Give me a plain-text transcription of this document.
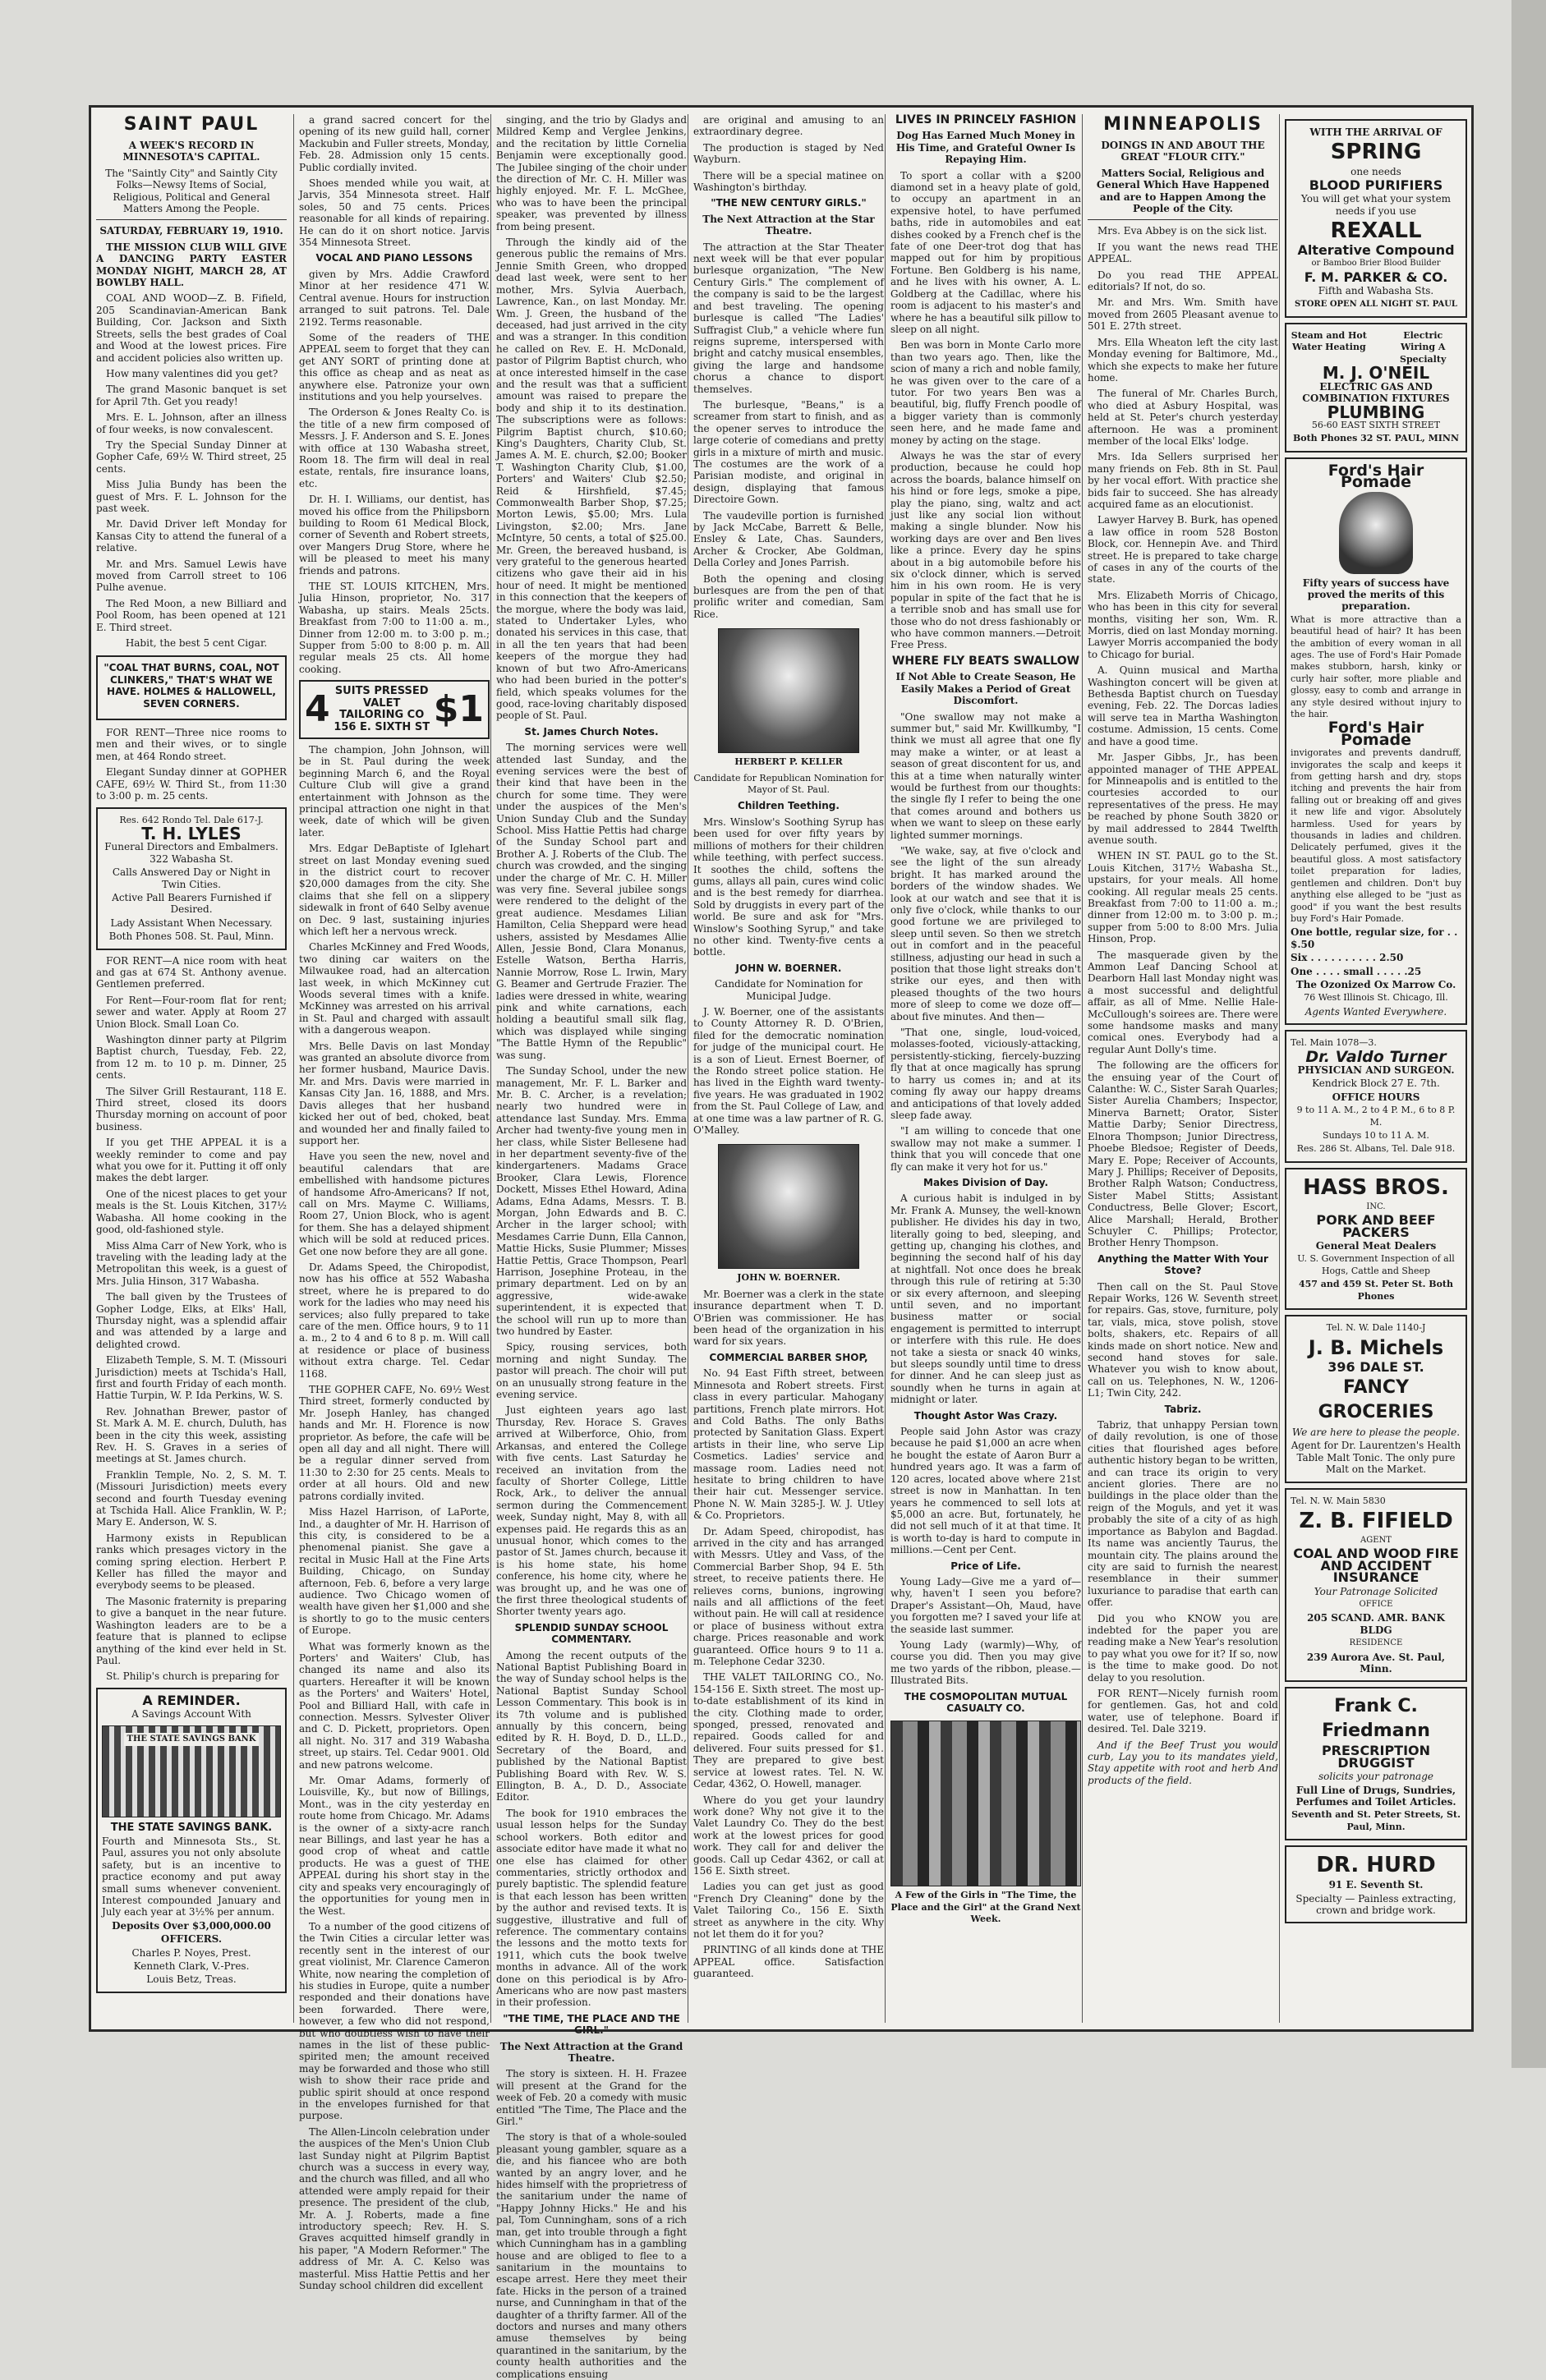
SAINT PAUL

A WEEK'S RECORD IN MINNESOTA'S CAPITAL.

The "Saintly City" and Saintly City Folks—Newsy Items of Social, Religious, Political and General Matters Among the People.

SATURDAY, FEBRUARY 19, 1910.

THE MISSION CLUB WILL GIVE A DANCING PARTY EASTER MONDAY NIGHT, MARCH 28, AT BOWLBY HALL.

COAL AND WOOD—Z. B. Fifield, 205 Scandinavian-American Bank Building, Cor. Jackson and Sixth Streets, sells the best grades of Coal and Wood at the lowest prices. Fire and accident policies also written up.

How many valentines did you get?

The grand Masonic banquet is set for April 7th. Get you ready!

Mrs. E. L. Johnson, after an illness of four weeks, is now convalescent.

Try the Special Sunday Dinner at Gopher Cafe, 69½ W. Third street, 25 cents.

Miss Julia Bundy has been the guest of Mrs. F. L. Johnson for the past week.

Mr. David Driver left Monday for Kansas City to attend the funeral of a relative.

Mr. and Mrs. Samuel Lewis have moved from Carroll street to 106 Pulhe avenue.

The Red Moon, a new Billiard and Pool Room, has been opened at 121 E. Third street.

Habit, the best 5 cent Cigar.

"COAL THAT BURNS, COAL, NOT CLINKERS," THAT'S WHAT WE HAVE. HOLMES & HALLOWELL, SEVEN CORNERS.

FOR RENT—Three nice rooms to men and their wives, or to single men, at 464 Rondo street.

Elegant Sunday dinner at GOPHER CAFE, 69½ W. Third St., from 11:30 to 3:00 p. m. 25 cents.

Res. 642 Rondo Tel. Dale 617-J.

T. H. LYLES

Funeral Directors and Embalmers. 322 Wabasha St.

Calls Answered Day or Night in Twin Cities.

Active Pall Bearers Furnished if Desired.

Lady Assistant When Necessary.

Both Phones 508. St. Paul, Minn.

FOR RENT—A nice room with heat and gas at 674 St. Anthony avenue. Gentlemen preferred.

For Rent—Four-room flat for rent; sewer and water. Apply at Room 27 Union Block. Small Loan Co.

Washington dinner party at Pilgrim Baptist church, Tuesday, Feb. 22, from 12 m. to 10 p. m. Dinner, 25 cents.

The Silver Grill Restaurant, 118 E. Third street, closed its doors Thursday morning on account of poor business.

If you get THE APPEAL it is a weekly reminder to come and pay what you owe for it. Putting it off only makes the debt larger.

One of the nicest places to get your meals is the St. Louis Kitchen, 317½ Wabasha. All home cooking in the good, old-fashioned style.

Miss Alma Carr of New York, who is traveling with the leading lady at the Metropolitan this week, is a guest of Mrs. Julia Hinson, 317 Wabasha.

The ball given by the Trustees of Gopher Lodge, Elks, at Elks' Hall, Thursday night, was a splendid affair and was attended by a large and delighted crowd.

Elizabeth Temple, S. M. T. (Missouri Jurisdiction) meets at Tschida's Hall, first and fourth Friday of each month. Hattie Turpin, W. P. Ida Perkins, W. S.

Rev. Johnathan Brewer, pastor of St. Mark A. M. E. church, Duluth, has been in the city this week, assisting Rev. H. S. Graves in a series of meetings at St. James church.

Franklin Temple, No. 2, S. M. T. (Missouri Jurisdiction) meets every second and fourth Tuesday evening at Tschida Hall. Alice Franklin, W. P.; Mary E. Anderson, W. S.

Harmony exists in Republican ranks which presages victory in the coming spring election. Herbert P. Keller has filled the mayor and everybody seems to be pleased.

The Masonic fraternity is preparing to give a banquet in the near future. Washington leaders are to be a feature that is planned to eclipse anything of the kind ever held in St. Paul.

St. Philip's church is preparing for

A REMINDER.

A Savings Account With

THE STATE SAVINGS BANK

THE STATE SAVINGS BANK.

Fourth and Minnesota Sts., St. Paul, assures you not only absolute safety, but is an incentive to practice economy and put away small sums whenever convenient. Interest compounded January and July each year at 3½% per annum.

Deposits Over $3,000,000.00

OFFICERS.

Charles P. Noyes, Prest.

Kenneth Clark, V.-Pres.

Louis Betz, Treas.

a grand sacred concert for the opening of its new guild hall, corner Mackubin and Fuller streets, Monday, Feb. 28. Admission only 15 cents. Public cordially invited.

Shoes mended while you wait, at Jarvis, 354 Minnesota street. Half soles, 50 and 75 cents. Prices reasonable for all kinds of repairing. He can do it on short notice. Jarvis 354 Minnesota Street.

VOCAL AND PIANO LESSONS

given by Mrs. Addie Crawford Minor at her residence 471 W. Central avenue. Hours for instruction arranged to suit patrons. Tel. Dale 2192. Terms reasonable.

Some of the readers of THE APPEAL seem to forget that they can get ANY SORT of printing done at this office as cheap and as neat as anywhere else. Patronize your own institutions and you help yourselves.

The Orderson & Jones Realty Co. is the title of a new firm composed of Messrs. J. F. Anderson and S. E. Jones with office at 130 Wabasha street, Room 18. The firm will deal in real estate, rentals, fire insurance loans, etc.

Dr. H. I. Williams, our dentist, has moved his office from the Philipsborn building to Room 61 Medical Block, corner of Seventh and Robert streets, over Mangers Drug Store, where he will be pleased to meet his many friends and patrons.

THE ST. LOUIS KITCHEN, Mrs. Julia Hinson, proprietor, No. 317 Wabasha, up stairs. Meals 25cts. Breakfast from 7:00 to 11:00 a. m., Dinner from 12:00 m. to 3:00 p. m.; Supper from 5:00 to 8:00 p. m. All regular meals 25 cts. All home cooking.

4 SUITS PRESSED
VALET TAILORING CO
156 E. SIXTH ST $1

The champion, John Johnson, will be in St. Paul during the week beginning March 6, and the Royal Culture Club will give a grand entertainment with Johnson as the principal attraction one night in that week, date of which will be given later.

Mrs. Edgar DeBaptiste of Iglehart street on last Monday evening sued in the district court to recover $20,000 damages from the city. She claims that she fell on a slippery sidewalk in front of 640 Selby avenue on Dec. 9 last, sustaining injuries which left her a nervous wreck.

Charles McKinney and Fred Woods, two dining car waiters on the Milwaukee road, had an altercation last week, in which McKinney cut Woods several times with a knife. McKinney was arrested on his arrival in St. Paul and charged with assault with a dangerous weapon.

Mrs. Belle Davis on last Monday was granted an absolute divorce from her former husband, Maurice Davis. Mr. and Mrs. Davis were married in Kansas City Jan. 16, 1888, and Mrs. Davis alleges that her husband kicked her out of bed, choked, beat and wounded her and finally failed to support her.

Have you seen the new, novel and beautiful calendars that are embellished with handsome pictures of handsome Afro-Americans? If not, call on Mrs. Mayme C. Williams, Room 27, Union Block, who is agent for them. She has a delayed shipment which will be sold at reduced prices. Get one now before they are all gone.

Dr. Adams Speed, the Chiropodist, now has his office at 552 Wabasha street, where he is prepared to do work for the ladies who may need his services; also fully prepared to take care of the men. Office hours, 9 to 11 a. m., 2 to 4 and 6 to 8 p. m. Will call at residence or place of business without extra charge. Tel. Cedar 1168.

THE GOPHER CAFE, No. 69½ West Third street, formerly conducted by Mr. Joseph Hanley, has changed hands and Mr. H. Florence is now proprietor. As before, the cafe will be open all day and all night. There will be a regular dinner served from 11:30 to 2:30 for 25 cents. Meals to order at all hours. Old and new patrons cordially invited.

Miss Hazel Harrison, of LaPorte, Ind., a daughter of Mr. H. Harrison of this city, is considered to be a phenomenal pianist. She gave a recital in Music Hall at the Fine Arts Building, Chicago, on Sunday afternoon, Feb. 6, before a very large audience. Two Chicago women of wealth have given her $1,000 and she is shortly to go to the music centers of Europe.

What was formerly known as the Porters' and Waiters' Club, has changed its name and also its quarters. Hereafter it will be known as the Porters' and Waiters' Hotel, Pool and Billiard Hall, with cafe in connection. Messrs. Sylvester Oliver and C. D. Pickett, proprietors. Open all night. No. 317 and 319 Wabasha street, up stairs. Tel. Cedar 9001. Old and new patrons welcome.

Mr. Omar Adams, formerly of Louisville, Ky., but now of Billings, Mont., was in the city yesterday en route home from Chicago. Mr. Adams is the owner of a sixty-acre ranch near Billings, and last year he has a good crop of wheat and cattle products. He was a guest of THE APPEAL during his short stay in the city and speaks very encouragingly of the opportunities for young men in the West.

To a number of the good citizens of the Twin Cities a circular letter was recently sent in the interest of our great violinist, Mr. Clarence Cameron White, now nearing the completion of his studies in Europe, quite a number responded and their donations have been forwarded. There were, however, a few who did not respond, but who doubtless wish to have their names in the list of these public-spirited men; the amount received may be forwarded and those who still wish to show their race pride and public spirit should at once respond in the envelopes furnished for that purpose.

The Allen-Lincoln celebration under the auspices of the Men's Union Club last Sunday night at Pilgrim Baptist church was a success in every way, and the church was filled, and all who attended were amply repaid for their presence. The president of the club, Mr. A. J. Roberts, made a fine introductory speech; Rev. H. S. Graves acquitted himself grandly in his paper, "A Modern Reformer." The address of Mr. A. C. Kelso was masterful. Miss Hattie Pettis and her Sunday school children did excellent

singing, and the trio by Gladys and Mildred Kemp and Verglee Jenkins, and the recitation by little Cornelia Benjamin were exceptionally good. The Jubilee singing of the choir under the direction of Mr. C. H. Miller was highly enjoyed. Mr. F. L. McGhee, who was to have been the principal speaker, was prevented by illness from being present.

Through the kindly aid of the generous public the remains of Mrs. Jennie Smith Green, who dropped dead last week, were sent to her mother, Mrs. Sylvia Auerbach, Lawrence, Kan., on last Monday. Mr. Wm. J. Green, the husband of the deceased, had just arrived in the city and was a stranger. In this condition he called on Rev. E. H. McDonald, pastor of Pilgrim Baptist church, who at once interested himself in the case and the result was that a sufficient amount was raised to prepare the body and ship it to its destination. The subscriptions were as follows: Pilgrim Baptist church, $10.60; King's Daughters, Charity Club, St. James A. M. E. church, $2.00; Booker T. Washington Charity Club, $1.00, Porters' and Waiters' Club $2.50; Reid & Hirshfield, $7.45; Commonwealth Barber Shop, $7.25; Morton Lewis, $5.00; Mrs. Lula Livingston, $2.00; Mrs. Jane McIntyre, 50 cents, a total of $25.00. Mr. Green, the bereaved husband, is very grateful to the generous hearted citizens who gave their aid in his hour of need. It might be mentioned in this connection that the keepers of the morgue, where the body was laid, stated to Undertaker Lyles, who donated his services in this case, that in all the ten years that had been keepers of the morgue they had known of but two Afro-Americans who had been buried in the potter's field, which speaks volumes for the good, race-loving charitably disposed people of St. Paul.

St. James Church Notes.

The morning services were well attended last Sunday, and the evening services were the best of their kind that have been in the church for some time. They were under the auspices of the Men's Union Sunday Club and the Sunday School. Miss Hattie Pettis had charge of the Sunday School part and Brother A. J. Roberts of the Club. The church was crowded, and the singing under the charge of Mr. C. H. Miller was very fine. Several jubilee songs were rendered to the delight of the great audience. Mesdames Lilian Hamilton, Celia Sheppard were head ushers, assisted by Mesdames Allie Allen, Jessie Bond, Clara Monanus, Estelle Watson, Bertha Harris, Nannie Morrow, Rose L. Irwin, Mary G. Beamer and Gertrude Frazier. The ladies were dressed in white, wearing pink and white carnations, each holding a beautiful small silk flag, which was displayed while singing "The Battle Hymn of the Republic" was sung.

The Sunday School, under the new management, Mr. F. L. Barker and Mr. B. C. Archer, is a revelation; nearly two hundred were in attendance last Sunday. Mrs. Emma Archer had twenty-five young men in her class, while Sister Bellesene had in her department seventy-five of the kindergarteners. Madams Grace Brooker, Clara Lewis, Florence Dockett, Misses Ethel Howard, Adina Adams, Edna Adams, Messrs. T. B. Morgan, John Edwards and B. C. Archer in the larger school; with Mesdames Carrie Dunn, Ella Cannon, Mattie Hicks, Susie Plummer; Misses Hattie Pettis, Grace Thompson, Pearl Harrison, Josephine Proteau, in the primary department. Led on by an aggressive, wide-awake superintendent, it is expected that the school will run up to more than two hundred by Easter.

Spicy, rousing services, both morning and night Sunday. The pastor will preach. The choir will put on an unusually strong feature in the evening service.

Just eighteen years ago last Thursday, Rev. Horace S. Graves arrived at Wilberforce, Ohio, from Arkansas, and entered the College with five cents. Last Saturday he received an invitation from the faculty of Shorter College, Little Rock, Ark., to deliver the annual sermon during the Commencement week, Sunday night, May 8, with all expenses paid. He regards this as an unusual honor, which comes to the pastor of St. James church, because it is his home state, his home conference, his home city, where he was brought up, and he was one of the first three theological students of Shorter twenty years ago.

SPLENDID SUNDAY SCHOOL COMMENTARY.

Among the recent outputs of the National Baptist Publishing Board in the way of Sunday school helps is the National Baptist Sunday School Lesson Commentary. This book is in its 7th volume and is published annually by this concern, being edited by R. H. Boyd, D. D., LL.D., Secretary of the Board, and published by the National Baptist Publishing Board with Rev. W. S. Ellington, B. A., D. D., Associate Editor.

The book for 1910 embraces the usual lesson helps for the Sunday school workers. Both editor and associate editor have made it what no one else has claimed for other commentaries, strictly orthodox and purely baptistic. The splendid feature is that each lesson has been written by the author and revised texts. It is suggestive, illustrative and full of reference. The commentary contains the lessons and the motto texts for 1911, which cuts the book twelve months in advance. All of the work done on this periodical is by Afro-Americans who are now past masters in their profession.

"THE TIME, THE PLACE AND THE GIRL."

The Next Attraction at the Grand Theatre.

The story is sixteen. H. H. Frazee will present at the Grand for the week of Feb. 20 a comedy with music entitled "The Time, The Place and the Girl."

The story is that of a whole-souled pleasant young gambler, square as a die, and his fiancee who are both wanted by an angry lover, and he hides himself with the proprietress of the sanitarium under the name of "Happy Johnny Hicks." He and his pal, Tom Cunningham, sons of a rich man, get into trouble through a fight which Cunningham has in a gambling house and are obliged to flee to a sanitarium in the mountains to escape arrest. Here they meet their fate. Hicks in the person of a trained nurse, and Cunningham in that of the daughter of a thrifty farmer. All of the doctors and nurses and many others amuse themselves by being quarantined in the sanitarium, by the county health authorities and the complications ensuing

are original and amusing to an extraordinary degree.

The production is staged by Ned Wayburn.

There will be a special matinee on Washington's birthday.

"THE NEW CENTURY GIRLS."

The Next Attraction at the Star Theatre.

The attraction at the Star Theater next week will be that ever popular burlesque organization, "The New Century Girls." The complement of the company is said to be the largest and best traveling. The opening burlesque is called "The Ladies' Suffragist Club," a vehicle where fun reigns supreme, interspersed with bright and catchy musical ensembles, giving the large and handsome chorus a chance to disport themselves.

The burlesque, "Beans," is a screamer from start to finish, and as the opener serves to introduce the large coterie of comedians and pretty girls in a mixture of mirth and music. The costumes are the work of a Parisian modiste, and original in design, displaying that famous Directoire Gown.

The vaudeville portion is furnished by Jack McCabe, Barrett & Belle, Ensley & Late, Chas. Saunders, Archer & Crocker, Abe Goldman, Della Corley and Jones Parrish.

Both the opening and closing burlesques are from the pen of that prolific writer and comedian, Sam Rice.

HERBERT P. KELLER

Candidate for Republican Nomination for Mayor of St. Paul.

Children Teething.

Mrs. Winslow's Soothing Syrup has been used for over fifty years by millions of mothers for their children while teething, with perfect success. It soothes the child, softens the gums, allays all pain, cures wind colic and is the best remedy for diarrhea. Sold by druggists in every part of the world. Be sure and ask for "Mrs. Winslow's Soothing Syrup," and take no other kind. Twenty-five cents a bottle.

JOHN W. BOERNER.

Candidate for Nomination for Municipal Judge.

J. W. Boerner, one of the assistants to County Attorney R. D. O'Brien, filed for the democratic nomination for judge of the municipal court. He is a son of Lieut. Ernest Boerner, of the Rondo street police station. He has lived in the Eighth ward twenty-five years. He was graduated in 1902 from the St. Paul College of Law, and at one time was a law partner of R. G. O'Malley.

JOHN W. BOERNER.

Mr. Boerner was a clerk in the state insurance department when T. D. O'Brien was commissioner. He has been head of the organization in his ward for six years.

COMMERCIAL BARBER SHOP,

No. 94 East Fifth street, between Minnesota and Robert streets. First class in every particular. Mahogany partitions, French plate mirrors. Hot and Cold Baths. The only Baths protected by Sanitation Glass. Expert artists in their line, who serve Lip Cosmetics. Ladies' service and massage room. Ladies need not hesitate to bring children to have their hair cut. Messenger service. Phone N. W. Main 3285-J. W. J. Utley & Co. Proprietors.

Dr. Adam Speed, chiropodist, has arrived in the city and has arranged with Messrs. Utley and Vass, of the Commercial Barber Shop, 94 E. 5th street, to receive patients there. He relieves corns, bunions, ingrowing nails and all afflictions of the feet without pain. He will call at residence or place of business without extra charge. Prices reasonable and work guaranteed. Office hours 9 to 11 a. m. Telephone Cedar 3230.

THE VALET TAILORING CO., No. 154-156 E. Sixth street. The most up-to-date establishment of its kind in the city. Clothing made to order, sponged, pressed, renovated and repaired. Goods called for and delivered. Four suits pressed for $1. They are prepared to give best service at lowest rates. Tel. N. W. Cedar, 4362, O. Howell, manager.

Where do you get your laundry work done? Why not give it to the Valet Laundry Co. They do the best work at the lowest prices for good work. They call for and deliver the goods. Call up Cedar 4362, or call at 156 E. Sixth street.

Ladies you can get just as good "French Dry Cleaning" done by the Valet Tailoring Co., 156 E. Sixth street as anywhere in the city. Why not let them do it for you?

PRINTING of all kinds done at THE APPEAL office. Satisfaction guaranteed.

LIVES IN PRINCELY FASHION

Dog Has Earned Much Money in His Time, and Grateful Owner Is Repaying Him.

To sport a collar with a $200 diamond set in a heavy plate of gold, to occupy an apartment in an expensive hotel, to have perfumed baths, ride in automobiles and eat dishes cooked by a French chef is the fate of one Deer-trot dog that has mapped out for him by propitious Fortune. Ben Goldberg is his name, and he lives with his owner, A. L. Goldberg at the Cadillac, where his room is adjacent to his master's and where he has a beautiful silk pillow to sleep on all night.

Ben was born in Monte Carlo more than two years ago. Then, like the scion of many a rich and noble family, he was given over to the care of a tutor. For two years Ben was a beautiful, big, fluffy French poodle of a bigger variety than is commonly seen here, and he made fame and money by acting on the stage.

Always he was the star of every production, because he could hop across the boards, balance himself on his hind or fore legs, smoke a pipe, play the piano, sing, waltz and act just like any social lion without making a single blunder. Now his working days are over and Ben lives like a prince. Every day he spins about in a big automobile before his six o'clock dinner, which is served him in his own room. He is very popular in spite of the fact that he is a terrible snob and has small use for those who do not dress fashionably or who have common manners.—Detroit Free Press.

WHERE FLY BEATS SWALLOW

If Not Able to Create Season, He Easily Makes a Period of Great Discomfort.

"One swallow may not make a summer but," said Mr. Kwillkumby, "I think we must all agree that one fly may make a winter, or at least a season of great discontent for us, and this at a time when naturally winter would be furthest from our thoughts: the single fly I refer to being the one that comes around and bothers us when we want to sleep on these early lighted summer mornings.

"We wake, say, at five o'clock and see the light of the sun already bright. It has marked around the borders of the window shades. We look at our watch and see that it is only five o'clock, while thanks to our good fortune we are privileged to sleep until seven. So then we stretch out in comfort and in the peaceful stillness, adjusting our head in such a position that those light streaks don't strike our eyes, and then with pleased thoughts of the two hours more of sleep to come we doze off—about five minutes. And then—

"That one, single, loud-voiced, molasses-footed, viciously-attacking, persistently-sticking, fiercely-buzzing fly that at once magically has sprung to harry us comes in; and at its coming fly away our happy dreams and anticipations of that lovely added sleep fade away.

"I am willing to concede that one swallow may not make a summer. I think that you will concede that one fly can make it very hot for us."

Makes Division of Day.

A curious habit is indulged in by Mr. Frank A. Munsey, the well-known publisher. He divides his day in two, literally going to bed, sleeping, and getting up, changing his clothes, and beginning the second half of his day at nightfall. Not once does he break through this rule of retiring at 5:30 or six every afternoon, and sleeping until seven, and no important business matter or social engagement is permitted to interrupt or interfere with this rule. He does not take a siesta or snack 40 winks, but sleeps soundly until time to dress for dinner. And he can sleep just as soundly when he turns in again at midnight or later.

Thought Astor Was Crazy.

People said John Astor was crazy because he paid $1,000 an acre when he bought the estate of Aaron Burr a hundred years ago. It was a farm of 120 acres, located above where 21st street is now in Manhattan. In ten years he commenced to sell lots at $5,000 an acre. But, fortunately, he did not sell much of it at that time. It is worth to-day is hard to compute in millions.—Cent per Cent.

Price of Life.

Young Lady—Give me a yard of—why, haven't I seen you before? Draper's Assistant—Oh, Maud, have you forgotten me? I saved your life at the seaside last summer.

Young Lady (warmly)—Why, of course you did. Then you may give me two yards of the ribbon, please.—Illustrated Bits.

THE COSMOPOLITAN MUTUAL CASUALTY CO.

A Few of the Girls in "The Time, the Place and the Girl" at the Grand Next Week.

MINNEAPOLIS

DOINGS IN AND ABOUT THE GREAT "FLOUR CITY."

Matters Social, Religious and General Which Have Happened and are to Happen Among the People of the City.

Mrs. Eva Abbey is on the sick list.

If you want the news read THE APPEAL.

Do you read THE APPEAL editorials? If not, do so.

Mr. and Mrs. Wm. Smith have moved from 2605 Pleasant avenue to 501 E. 27th street.

Mrs. Ella Wheaton left the city last Monday evening for Baltimore, Md., which she expects to make her future home.

The funeral of Mr. Charles Burch, who died at Asbury Hospital, was held at St. Peter's church yesterday afternoon. He was a prominent member of the local Elks' lodge.

Mrs. Ida Sellers surprised her many friends on Feb. 8th in St. Paul by her vocal effort. With practice she bids fair to succeed. She has already acquired fame as an elocutionist.

Lawyer Harvey B. Burk, has opened a law office in room 528 Boston Block, cor. Hennepin Ave. and Third street. He is prepared to take charge of cases in any of the courts of the state.

Mrs. Elizabeth Morris of Chicago, who has been in this city for several months, visiting her son, Wm. R. Morris, died on last Monday morning. Lawyer Morris accompanied the body to Chicago for burial.

A. Quinn musical and Martha Washington concert will be given at Bethesda Baptist church on Tuesday evening, Feb. 22. The Dorcas ladies will serve tea in Martha Washington costume. Admission, 15 cents. Come and have a good time.

Mr. Jasper Gibbs, Jr., has been appointed manager of THE APPEAL for Minneapolis and is entitled to the courtesies accorded to our representatives of the press. He may be reached by phone South 3820 or by mail addressed to 2844 Twelfth avenue south.

WHEN IN ST. PAUL go to the St. Louis Kitchen, 317½ Wabasha St., upstairs, for your meals. All home cooking. All regular meals 25 cents. Breakfast from 7:00 to 11:00 a. m.; dinner from 12:00 m. to 3:00 p. m.; supper from 5:00 to 8:00 Mrs. Julia Hinson, Prop.

The masquerade given by the Ammon Leaf Dancing School at Dearborn Hall last Monday night was a most successful and delightful affair, as all of Mme. Nellie Hale-McCullough's soirees are. There were some handsome masks and many comical ones. Everybody had a regular Aunt Dolly's time.

The following are the officers for the ensuing year of the Court of Calanthe: W. C., Sister Sarah Quarles; Sister Aurelia Chambers; Inspector, Minerva Barnett; Orator, Sister Mattie Darby; Senior Directress, Elnora Thompson; Junior Directress, Phoebe Bledsoe; Register of Deeds, Mary E. Pope; Receiver of Accounts, Mary J. Phillips; Receiver of Deposits, Brother Ralph Watson; Conductress, Sister Mabel Stitts; Assistant Conductress, Belle Glover; Escort, Alice Marshall; Herald, Brother Schuyler C. Phillips; Protector, Brother Henry Thompson.

Anything the Matter With Your Stove?

Then call on the St. Paul Stove Repair Works, 126 W. Seventh street for repairs. Gas, stove, furniture, poly tar, vials, mica, stove polish, stove bolts, shakers, etc. Repairs of all kinds made on short notice. New and second hand stoves for sale. Whatever you wish to know about, call on us. Telephones, N. W., 1206-L1; Twin City, 242.

Tabriz.

Tabriz, that unhappy Persian town of daily revolution, is one of those cities that flourished ages before authentic history began to be written, and can trace its origin to very ancient glories. There are no buildings in the place older than the reign of the Moguls, and yet it was probably the site of a city of as high importance as Babylon and Bagdad. Its name was anciently Taurus, the mountain city. The plains around the city are said to furnish the nearest resemblance in their summer luxuriance to paradise that earth can offer.

Did you who KNOW you are indebted for the paper you are reading make a New Year's resolution to pay what you owe for it? If so, now is the time to make good. Do not delay to you resolution.

FOR RENT—Nicely furnish room for gentlemen. Gas, hot and cold water, use of telephone. Board if desired. Tel. Dale 3219.

And if the Beef Trust you would curb, Lay you to its mandates yield, Stay appetite with root and herb And products of the field.

WITH THE ARRIVAL OF

SPRING

one needs

BLOOD PURIFIERS

You will get what your system needs if you use

REXALL

Alterative Compound

or Bamboo Brier Blood Builder

F. M. PARKER & CO.

Fifth and Wabasha Sts.

STORE OPEN ALL NIGHT ST. PAUL

Steam and Hot Water Heating
Electric Wiring A Specialty

M. J. O'NEIL

ELECTRIC GAS AND COMBINATION FIXTURES

PLUMBING

56-60 EAST SIXTH STREET

Both Phones 32 ST. PAUL, MINN

Ford's Hair Pomade

Fifty years of success have proved the merits of this preparation.

What is more attractive than a beautiful head of hair? It has been the ambition of every woman in all ages. The use of Ford's Hair Pomade makes stubborn, harsh, kinky or curly hair softer, more pliable and glossy, easy to comb and arrange in any style desired without injury to the hair.

Ford's Hair Pomade

invigorates and prevents dandruff, invigorates the scalp and keeps it from getting harsh and dry, stops itching and prevents the hair from falling out or breaking off and gives it new life and vigor. Absolutely harmless. Used for years by thousands in ladies and children. Delicately perfumed, gives it the beautiful gloss. A most satisfactory toilet preparation for ladies, gentlemen and children. Don't buy anything else alleged to be "just as good" if you want the best results buy Ford's Hair Pomade.

One bottle, regular size, for . . $.50

Six . . . . . . . . . . 2.50

One . . . . small . . . . .25

The Ozonized Ox Marrow Co.

76 West Illinois St. Chicago, Ill.

Agents Wanted Everywhere.

Tel. Main 1078—3.

Dr. Valdo Turner

PHYSICIAN AND SURGEON.

Kendrick Block 27 E. 7th.

OFFICE HOURS

9 to 11 A. M., 2 to 4 P. M., 6 to 8 P. M.

Sundays 10 to 11 A. M.

Res. 286 St. Albans, Tel. Dale 918.

HASS BROS.

INC.

PORK AND BEEF PACKERS

General Meat Dealers

U. S. Government Inspection of all Hogs, Cattle and Sheep

457 and 459 St. Peter St. Both Phones

Tel. N. W. Dale 1140-J

J. B. Michels

396 DALE ST.

FANCY GROCERIES

We are here to please the people.

Agent for Dr. Laurentzen's Health Table Malt Tonic. The only pure Malt on the Market.

Tel. N. W. Main 5830

Z. B. FIFIELD

AGENT

COAL AND WOOD FIRE AND ACCIDENT INSURANCE

Your Patronage Solicited

OFFICE

205 SCAND. AMR. BANK BLDG

RESIDENCE

239 Aurora Ave. St. Paul, Minn.

Frank C. Friedmann

PRESCRIPTION DRUGGIST

solicits your patronage

Full Line of Drugs, Sundries, Perfumes and Toilet Articles.

Seventh and St. Peter Streets, St. Paul, Minn.

DR. HURD

91 E. Seventh St.

Specialty — Painless extracting, crown and bridge work.
